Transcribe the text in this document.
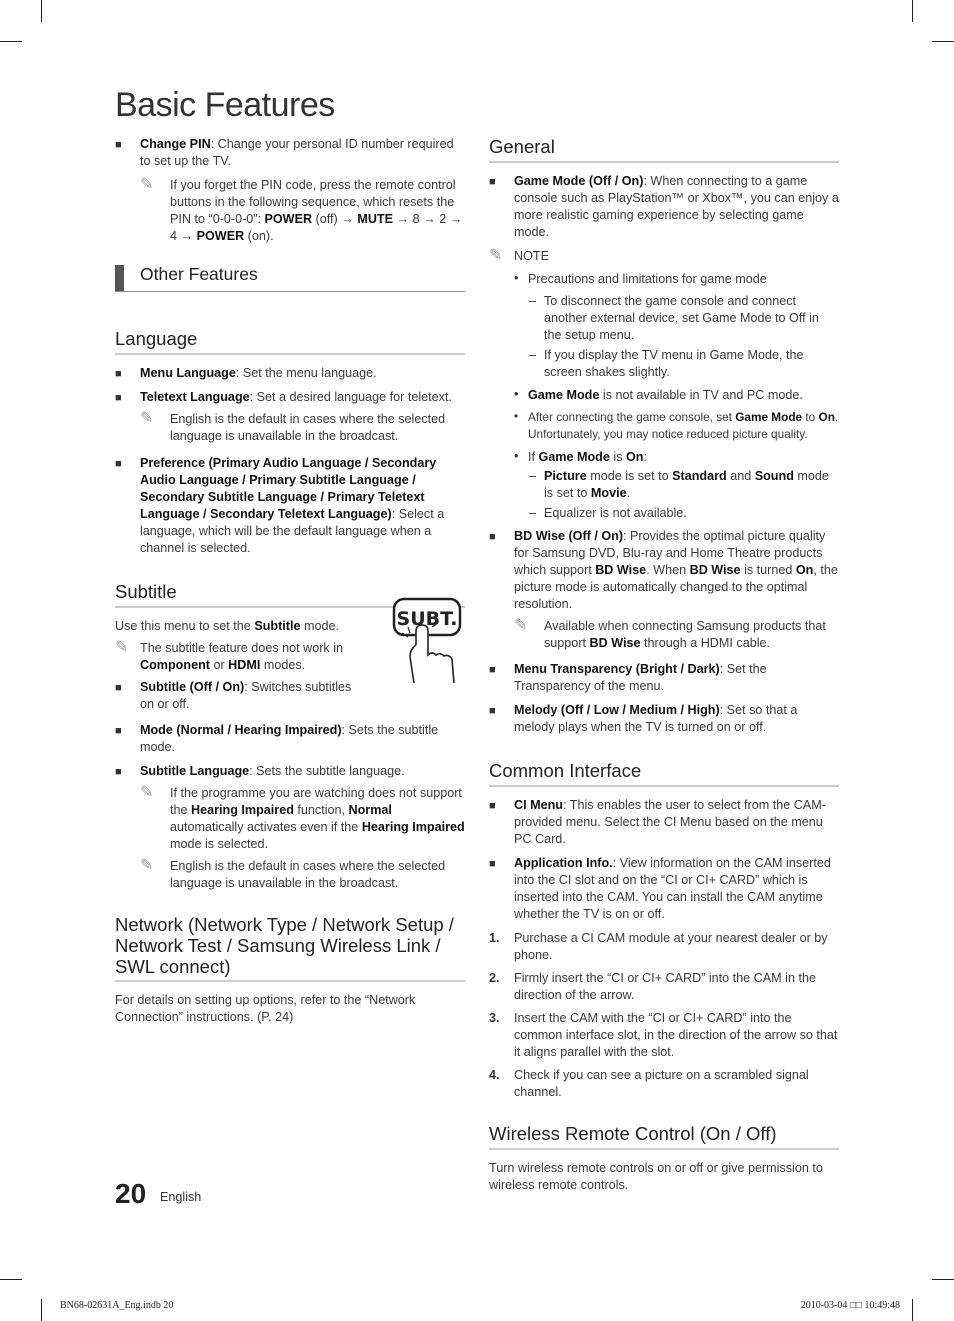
Basic Features
■ Change PIN: Change your personal ID number required to set up the TV.
✎ If you forget the PIN code, press the remote control buttons in the following sequence, which resets the PIN to “0-0-0-0”: POWER (off) → MUTE → 8 → 2 → 4 → POWER (on).
Other Features
Language
■ Menu Language: Set the menu language.
■ Teletext Language: Set a desired language for teletext.
✎ English is the default in cases where the selected language is unavailable in the broadcast.
■ Preference (Primary Audio Language / Secondary Audio Language / Primary Subtitle Language / Secondary Subtitle Language / Primary Teletext Language / Secondary Teletext Language): Select a language, which will be the default language when a channel is selected.
Subtitle
Use this menu to set the Subtitle mode.
✎ The subtitle feature does not work in Component or HDMI modes.
■ Subtitle (Off / On): Switches subtitles on or off.
■ Mode (Normal / Hearing Impaired): Sets the subtitle mode.
■ Subtitle Language: Sets the subtitle language.
✎ If the programme you are watching does not support the Hearing Impaired function, Normal automatically activates even if the Hearing Impaired mode is selected.
✎ English is the default in cases where the selected language is unavailable in the broadcast.
Network (Network Type / Network Setup / Network Test / Samsung Wireless Link / SWL connect)
For details on setting up options, refer to the “Network Connection” instructions. (P. 24)
SUBT.
General
■ Game Mode (Off / On): When connecting to a game console such as PlayStation™ or Xbox™, you can enjoy a more realistic gaming experience by selecting game mode.
✎ NOTE
• Precautions and limitations for game mode
– To disconnect the game console and connect another external device, set Game Mode to Off in the setup menu.
– If you display the TV menu in Game Mode, the screen shakes slightly.
• Game Mode is not available in TV and PC mode.
• After connecting the game console, set Game Mode to On. Unfortunately, you may notice reduced picture quality.
• If Game Mode is On:
– Picture mode is set to Standard and Sound mode is set to Movie.
– Equalizer is not available.
■ BD Wise (Off / On): Provides the optimal picture quality for Samsung DVD, Blu-ray and Home Theatre products which support BD Wise. When BD Wise is turned On, the picture mode is automatically changed to the optimal resolution.
✎ Available when connecting Samsung products that support BD Wise through a HDMI cable.
■ Menu Transparency (Bright / Dark): Set the Transparency of the menu.
■ Melody (Off / Low / Medium / High): Set so that a melody plays when the TV is turned on or off.
Common Interface
■ CI Menu: This enables the user to select from the CAM-provided menu. Select the CI Menu based on the menu PC Card.
■ Application Info.: View information on the CAM inserted into the CI slot and on the “CI or CI+ CARD” which is inserted into the CAM. You can install the CAM anytime whether the TV is on or off.
1. Purchase a CI CAM module at your nearest dealer or by phone.
2. Firmly insert the “CI or CI+ CARD” into the CAM in the direction of the arrow.
3. Insert the CAM with the “CI or CI+ CARD” into the common interface slot, in the direction of the arrow so that it aligns parallel with the slot.
4. Check if you can see a picture on a scrambled signal channel.
Wireless Remote Control (On / Off)
Turn wireless remote controls on or off or give permission to wireless remote controls.
20 English
BN68-02631A_Eng.indb 20	2010-03-04 □□ 10:49:48
